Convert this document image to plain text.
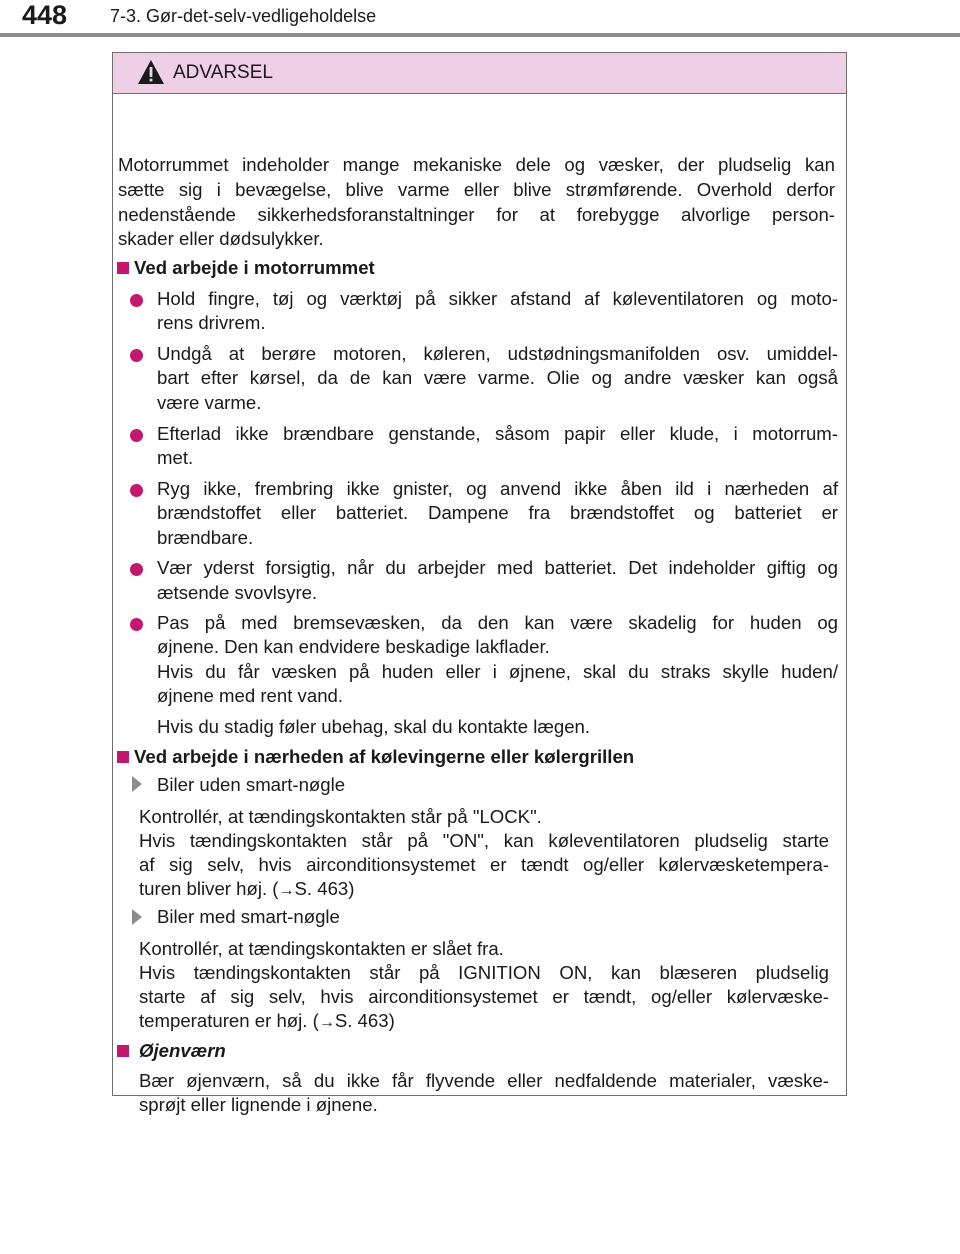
448 7-3. Gør-det-selv-vedligeholdelse
ADVARSEL
Motorrummet indeholder mange mekaniske dele og væsker, der pludselig kan
sætte sig i bevægelse, blive varme eller blive strømførende. Overhold derfor
nedenstående sikkerhedsforanstaltninger for at forebygge alvorlige person-
skader eller dødsulykker.
Ved arbejde i motorrummet
Hold fingre, tøj og værktøj på sikker afstand af køleventilatoren og moto-
rens drivrem.
Undgå at berøre motoren, køleren, udstødningsmanifolden osv. umiddel-
bart efter kørsel, da de kan være varme. Olie og andre væsker kan også
være varme.
Efterlad ikke brændbare genstande, såsom papir eller klude, i motorrum-
met.
Ryg ikke, frembring ikke gnister, og anvend ikke åben ild i nærheden af
brændstoffet eller batteriet. Dampene fra brændstoffet og batteriet er
brændbare.
Vær yderst forsigtig, når du arbejder med batteriet. Det indeholder giftig og
ætsende svovlsyre.
Pas på med bremsevæsken, da den kan være skadelig for huden og
øjnene. Den kan endvidere beskadige lakflader.
Hvis du får væsken på huden eller i øjnene, skal du straks skylle huden/
øjnene med rent vand.
Hvis du stadig føler ubehag, skal du kontakte lægen.
Ved arbejde i nærheden af kølevingerne eller kølergrillen
Biler uden smart-nøgle
Kontrollér, at tændingskontakten står på "LOCK".
Hvis tændingskontakten står på "ON", kan køleventilatoren pludselig starte
af sig selv, hvis airconditionsystemet er tændt og/eller kølervæsketempera-
turen bliver høj. (→S. 463)
Biler med smart-nøgle
Kontrollér, at tændingskontakten er slået fra.
Hvis tændingskontakten står på IGNITION ON, kan blæseren pludselig
starte af sig selv, hvis airconditionsystemet er tændt, og/eller kølervæske-
temperaturen er høj. (→S. 463)
Øjenværn
Bær øjenværn, så du ikke får flyvende eller nedfaldende materialer, væske-
sprøjt eller lignende i øjnene.
